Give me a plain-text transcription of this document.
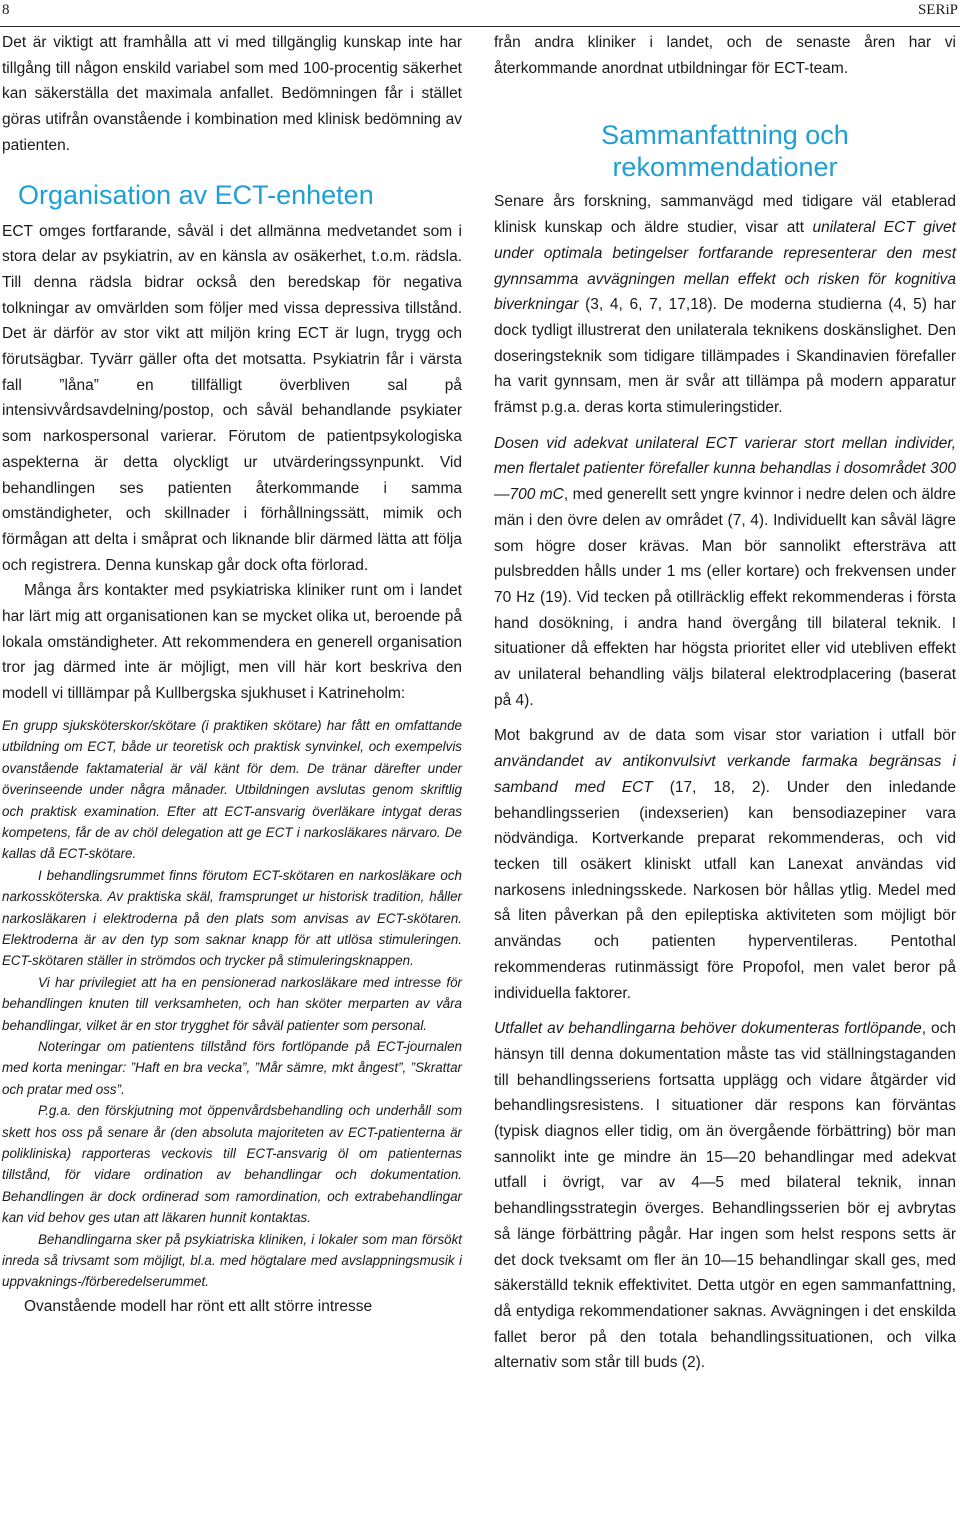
8	SERiP

Det är viktigt att framhålla att vi med tillgänglig kunskap inte har tillgång till någon enskild variabel som med 100-procentig säkerhet kan säkerställa det maximala anfallet. Bedömningen får i stället göras utifrån ovanstående i kombination med klinisk bedömning av patienten.

Organisation av ECT-enheten

ECT omges fortfarande, såväl i det allmänna medvetandet som i stora delar av psykiatrin, av en känsla av osäkerhet, t.o.m. rädsla. Till denna rädsla bidrar också den beredskap för negativa tolkningar av omvärlden som följer med vissa depressiva tillstånd. Det är därför av stor vikt att miljön kring ECT är lugn, trygg och förutsägbar. Tyvärr gäller ofta det motsatta. Psykiatrin får i värsta fall ”låna” en tillfälligt överbliven sal på intensivvårdsavdelning/postop, och såväl behandlande psykiater som narkospersonal varierar. Förutom de patientpsykologiska aspekterna är detta olyckligt ur utvärderingssynpunkt. Vid behandlingen ses patienten återkommande i samma omständigheter, och skillnader i förhållningssätt, mimik och förmågan att delta i småprat och liknande blir därmed lätta att följa och registrera. Denna kunskap går dock ofta förlorad.

Många års kontakter med psykiatriska kliniker runt om i landet har lärt mig att organisationen kan se mycket olika ut, beroende på lokala omständigheter. Att rekommendera en generell organisation tror jag därmed inte är möjligt, men vill här kort beskriva den modell vi tilllämpar på Kullbergska sjukhuset i Katrineholm:

En grupp sjuksköterskor/skötare (i praktiken skötare) har fått en omfattande utbildning om ECT, både ur teoretisk och praktisk synvinkel, och exempelvis ovanstående faktamaterial är väl känt för dem. De tränar därefter under överinseende under några månader. Utbildningen avslutas genom skriftlig och praktisk examination. Efter att ECT-ansvarig överläkare intygat deras kompetens, får de av chöl delegation att ge ECT i narkosläkares närvaro. De kallas då ECT-skötare.

I behandlingsrummet finns förutom ECT-skötaren en narkosläkare och narkossköterska. Av praktiska skäl, framsprunget ur historisk tradition, håller narkosläkaren i elektroderna på den plats som anvisas av ECT-skötaren. Elektroderna är av den typ som saknar knapp för att utlösa stimuleringen. ECT-skötaren ställer in strömdos och trycker på stimuleringsknappen.

Vi har privilegiet att ha en pensionerad narkosläkare med intresse för behandlingen knuten till verksamheten, och han sköter merparten av våra behandlingar, vilket är en stor trygghet för såväl patienter som personal.

Noteringar om patientens tillstånd förs fortlöpande på ECT-journalen med korta meningar: ”Haft en bra vecka”, ”Mår sämre, mkt ångest”, ”Skrattar och pratar med oss”.

P.g.a. den förskjutning mot öppenvårdsbehandling och underhåll som skett hos oss på senare år (den absoluta majoriteten av ECT-patienterna är polikliniska) rapporteras veckovis till ECT-ansvarig öl om patienternas tillstånd, för vidare ordination av behandlingar och dokumentation. Behandlingen är dock ordinerad som ramordination, och extrabehandlingar kan vid behov ges utan att läkaren hunnit kontaktas.

Behandlingarna sker på psykiatriska kliniken, i lokaler som man försökt inreda så trivsamt som möjligt, bl.a. med högtalare med avslappningsmusik i uppvaknings-/förberedelserummet.

Ovanstående modell har rönt ett allt större intresse

från andra kliniker i landet, och de senaste åren har vi återkommande anordnat utbildningar för ECT-team.

Sammanfattning och rekommendationer

Senare års forskning, sammanvägd med tidigare väl etablerad klinisk kunskap och äldre studier, visar att unilateral ECT givet under optimala betingelser fortfarande representerar den mest gynnsamma avvägningen mellan effekt och risken för kognitiva biverkningar (3, 4, 6, 7, 17,18). De moderna studierna (4, 5) har dock tydligt illustrerat den unilaterala teknikens doskänslighet. Den doseringsteknik som tidigare tillämpades i Skandinavien förefaller ha varit gynnsam, men är svår att tillämpa på modern apparatur främst p.g.a. deras korta stimuleringstider.

Dosen vid adekvat unilateral ECT varierar stort mellan individer, men flertalet patienter förefaller kunna behandlas i dosområdet 300—700 mC, med generellt sett yngre kvinnor i nedre delen och äldre män i den övre delen av området (7, 4). Individuellt kan såväl lägre som högre doser krävas. Man bör sannolikt eftersträva att pulsbredden hålls under 1 ms (eller kortare) och frekvensen under 70 Hz (19). Vid tecken på otillräcklig effekt rekommenderas i första hand dosökning, i andra hand övergång till bilateral teknik. I situationer då effekten har högsta prioritet eller vid utebliven effekt av unilateral behandling väljs bilateral elektrodplacering (baserat på 4).

Mot bakgrund av de data som visar stor variation i utfall bör användandet av antikonvulsivt verkande farmaka begränsas i samband med ECT (17, 18, 2). Under den inledande behandlingsserien (indexserien) kan bensodiazepiner vara nödvändiga. Kortverkande preparat rekommenderas, och vid tecken till osäkert kliniskt utfall kan Lanexat användas vid narkosens inledningsskede. Narkosen bör hållas ytlig. Medel med så liten påverkan på den epileptiska aktiviteten som möjligt bör användas och patienten hyperventileras. Pentothal rekommenderas rutinmässigt före Propofol, men valet beror på individuella faktorer.

Utfallet av behandlingarna behöver dokumenteras fortlöpande, och hänsyn till denna dokumentation måste tas vid ställningstaganden till behandlingsseriens fortsatta upplägg och vidare åtgärder vid behandlingsresistens. I situationer där respons kan förväntas (typisk diagnos eller tidig, om än övergående förbättring) bör man sannolikt inte ge mindre än 15—20 behandlingar med adekvat utfall i övrigt, var av 4—5 med bilateral teknik, innan behandlingsstrategin överges. Behandlingsserien bör ej avbrytas så länge förbättring pågår. Har ingen som helst respons setts är det dock tveksamt om fler än 10—15 behandlingar skall ges, med säkerställd teknik effektivitet. Detta utgör en egen sammanfattning, då entydiga rekommendationer saknas. Avvägningen i det enskilda fallet beror på den totala behandlingssituationen, och vilka alternativ som står till buds (2).
